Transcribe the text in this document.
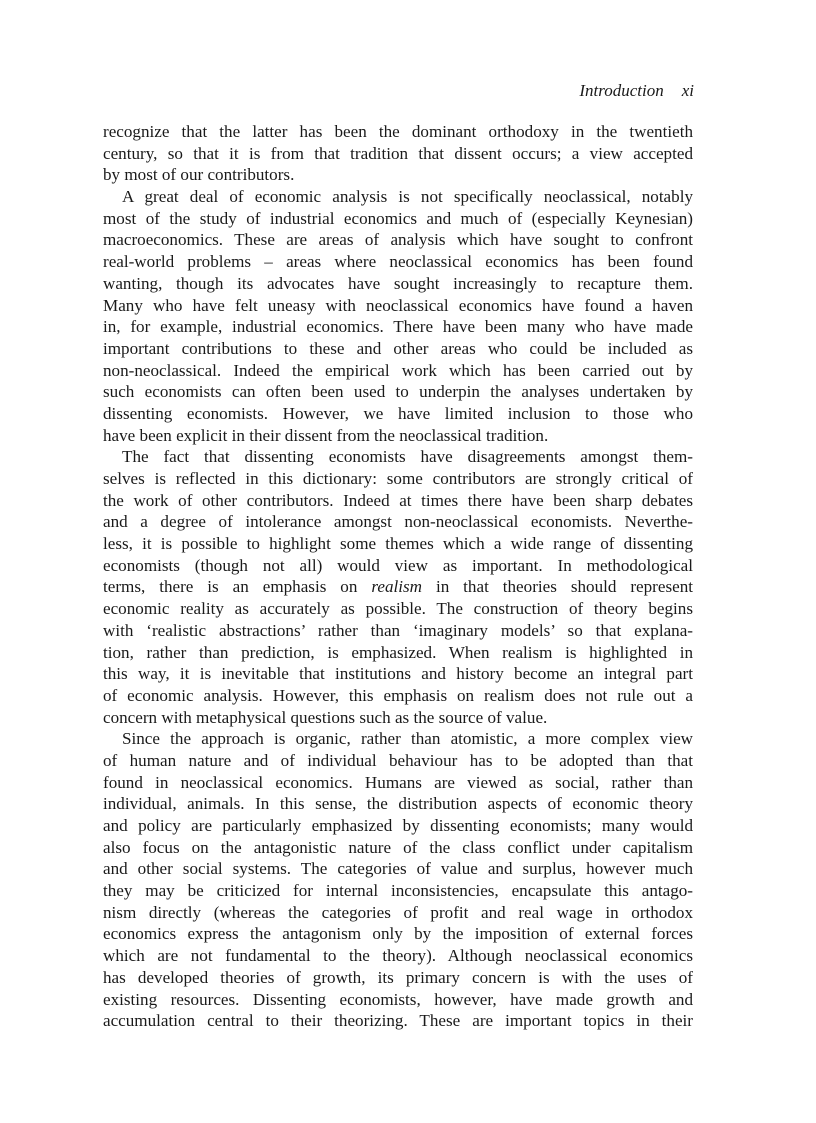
Introduction xi
recognize that the latter has been the dominant orthodoxy in the twentieth
century, so that it is from that tradition that dissent occurs; a view accepted
by most of our contributors.
A great deal of economic analysis is not specifically neoclassical, notably
most of the study of industrial economics and much of (especially Keynesian)
macroeconomics. These are areas of analysis which have sought to confront
real-world problems – areas where neoclassical economics has been found
wanting, though its advocates have sought increasingly to recapture them.
Many who have felt uneasy with neoclassical economics have found a haven
in, for example, industrial economics. There have been many who have made
important contributions to these and other areas who could be included as
non-neoclassical. Indeed the empirical work which has been carried out by
such economists can often been used to underpin the analyses undertaken by
dissenting economists. However, we have limited inclusion to those who
have been explicit in their dissent from the neoclassical tradition.
The fact that dissenting economists have disagreements amongst them-
selves is reflected in this dictionary: some contributors are strongly critical of
the work of other contributors. Indeed at times there have been sharp debates
and a degree of intolerance amongst non-neoclassical economists. Neverthe-
less, it is possible to highlight some themes which a wide range of dissenting
economists (though not all) would view as important. In methodological
terms, there is an emphasis on realism in that theories should represent
economic reality as accurately as possible. The construction of theory begins
with ‘realistic abstractions’ rather than ‘imaginary models’ so that explana-
tion, rather than prediction, is emphasized. When realism is highlighted in
this way, it is inevitable that institutions and history become an integral part
of economic analysis. However, this emphasis on realism does not rule out a
concern with metaphysical questions such as the source of value.
Since the approach is organic, rather than atomistic, a more complex view
of human nature and of individual behaviour has to be adopted than that
found in neoclassical economics. Humans are viewed as social, rather than
individual, animals. In this sense, the distribution aspects of economic theory
and policy are particularly emphasized by dissenting economists; many would
also focus on the antagonistic nature of the class conflict under capitalism
and other social systems. The categories of value and surplus, however much
they may be criticized for internal inconsistencies, encapsulate this antago-
nism directly (whereas the categories of profit and real wage in orthodox
economics express the antagonism only by the imposition of external forces
which are not fundamental to the theory). Although neoclassical economics
has developed theories of growth, its primary concern is with the uses of
existing resources. Dissenting economists, however, have made growth and
accumulation central to their theorizing. These are important topics in their
